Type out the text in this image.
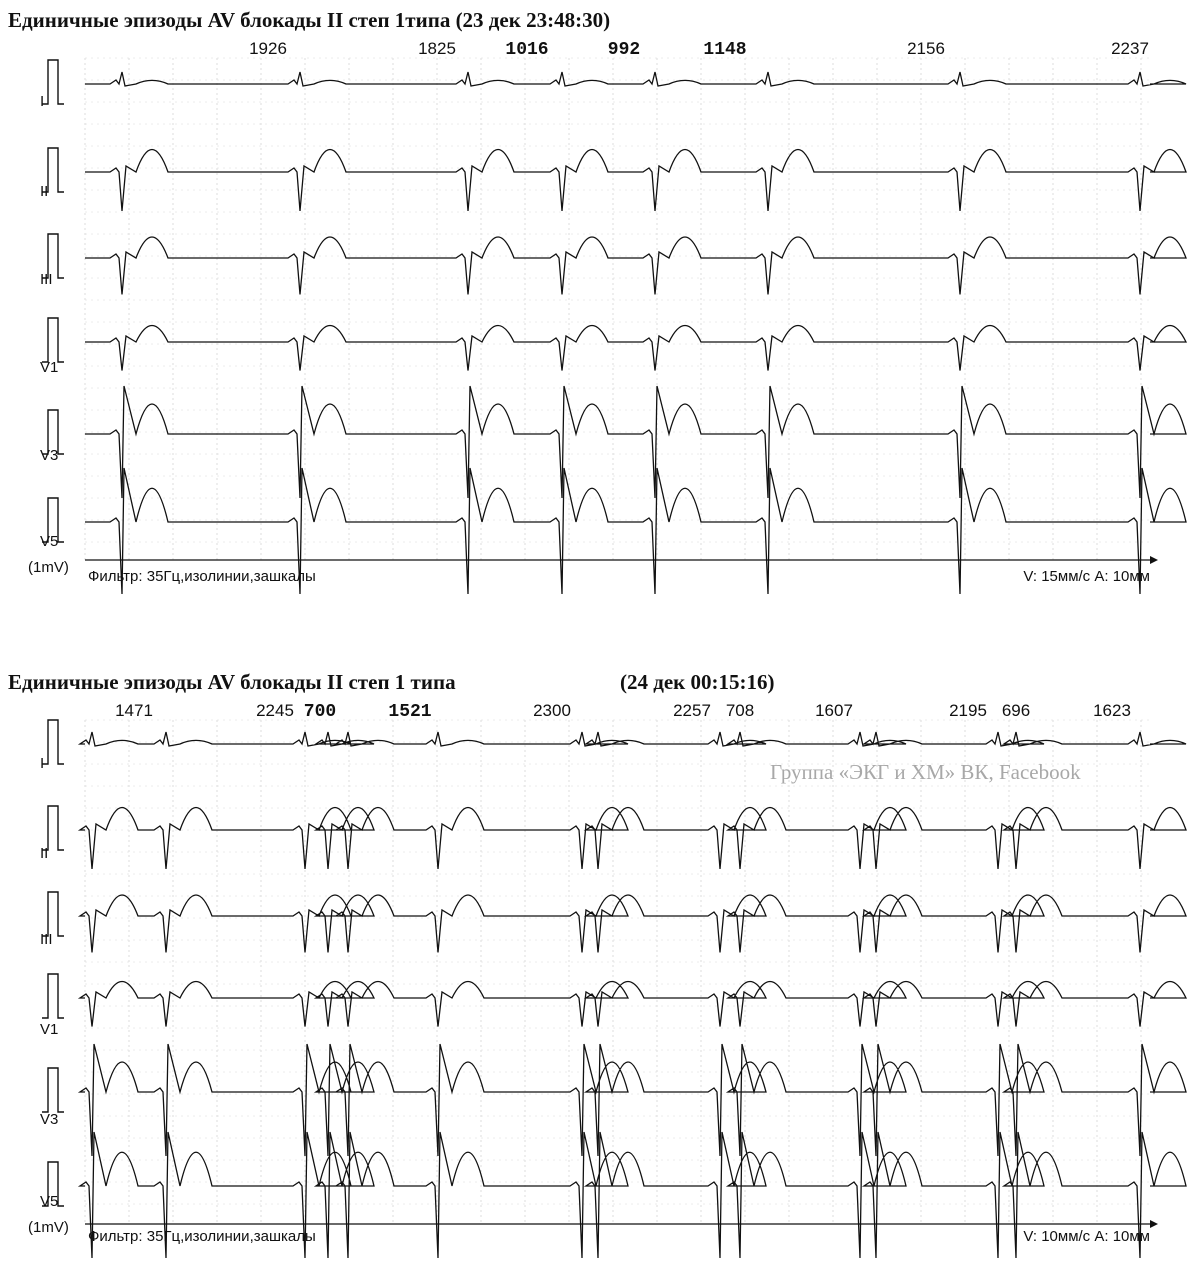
Единичные эпизоды AV блокады II степ 1типа (23 дек 23:48:30)
I
II
III
V1
V3
V5
1926	1825	1016	992	1148	2156	2237
(1mV)
Фильтр: 35Гц,изолинии,зашкалы	V: 15мм/с A: 10мм
Единичные эпизоды AV блокады II степ 1 типа	(24 дек 00:15:16)
I
II
III
V1
V3
V5
1471	2245 700	1521	2300	2257 708	1607	2195 696	1623
(1mV)
Фильтр: 35Гц,изолинии,зашкалы	V: 10мм/с A: 10мм
Группа «ЭКГ и ХМ» ВК, Facebook
